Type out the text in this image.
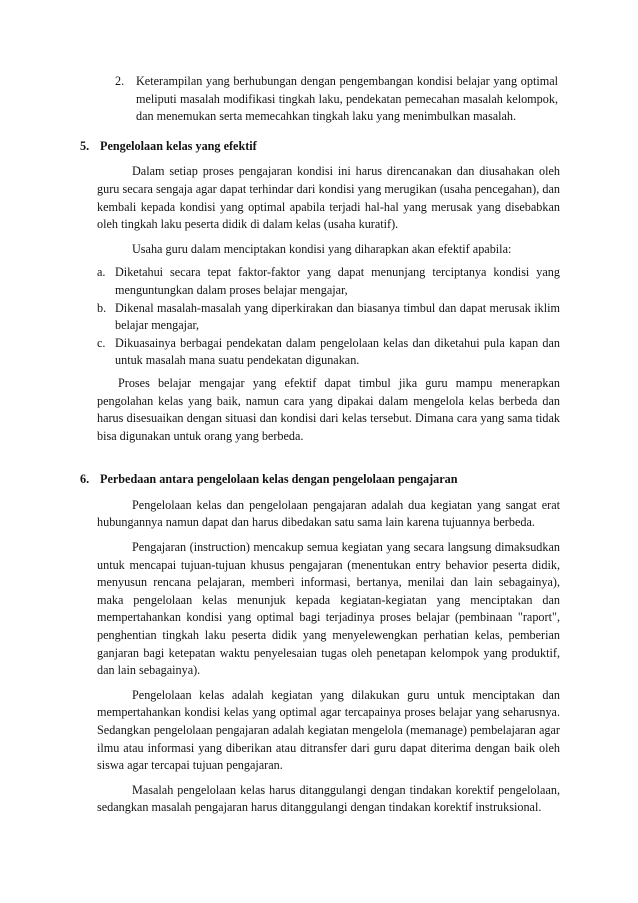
2. Keterampilan yang berhubungan dengan pengembangan kondisi belajar yang optimal meliputi masalah modifikasi tingkah laku, pendekatan pemecahan masalah kelompok, dan menemukan serta memecahkan tingkah laku yang menimbulkan masalah.
5. Pengelolaan kelas yang efektif
Dalam setiap proses pengajaran kondisi ini harus direncanakan dan diusahakan oleh guru secara sengaja agar dapat terhindar dari kondisi yang merugikan (usaha pencegahan), dan kembali kepada kondisi yang optimal apabila terjadi hal-hal yang merusak yang disebabkan oleh tingkah laku peserta didik di dalam kelas (usaha kuratif).
Usaha guru dalam menciptakan kondisi yang diharapkan akan efektif apabila:
a. Diketahui secara tepat faktor-faktor yang dapat menunjang terciptanya kondisi yang menguntungkan dalam proses belajar mengajar,
b. Dikenal masalah-masalah yang diperkirakan dan biasanya timbul dan dapat merusak iklim belajar mengajar,
c. Dikuasainya berbagai pendekatan dalam pengelolaan kelas dan diketahui pula kapan dan untuk masalah mana suatu pendekatan digunakan.
Proses belajar mengajar yang efektif dapat timbul jika guru mampu menerapkan pengolahan kelas yang baik, namun cara yang dipakai dalam mengelola kelas berbeda dan harus disesuaikan dengan situasi dan kondisi dari kelas tersebut. Dimana cara yang sama tidak bisa digunakan untuk orang yang berbeda.
6. Perbedaan antara pengelolaan kelas dengan pengelolaan pengajaran
Pengelolaan kelas dan pengelolaan pengajaran adalah dua kegiatan yang sangat erat hubungannya namun dapat dan harus dibedakan satu sama lain karena tujuannya berbeda.
Pengajaran (instruction) mencakup semua kegiatan yang secara langsung dimaksudkan untuk mencapai tujuan-tujuan khusus pengajaran (menentukan entry behavior peserta didik, menyusun rencana pelajaran, memberi informasi, bertanya, menilai dan lain sebagainya), maka pengelolaan kelas menunjuk kepada kegiatan-kegiatan yang menciptakan dan mempertahankan kondisi yang optimal bagi terjadinya proses belajar (pembinaan "raport", penghentian tingkah laku peserta didik yang menyelewengkan perhatian kelas, pemberian ganjaran bagi ketepatan waktu penyelesaian tugas oleh penetapan kelompok yang produktif, dan lain sebagainya).
Pengelolaan kelas adalah kegiatan yang dilakukan guru untuk menciptakan dan mempertahankan kondisi kelas yang optimal agar tercapainya proses belajar yang seharusnya. Sedangkan pengelolaan pengajaran adalah kegiatan mengelola (memanage) pembelajaran agar ilmu atau informasi yang diberikan atau ditransfer dari guru dapat diterima dengan baik oleh siswa agar tercapai tujuan pengajaran.
Masalah pengelolaan kelas harus ditanggulangi dengan tindakan korektif pengelolaan, sedangkan masalah pengajaran harus ditanggulangi dengan tindakan korektif instruksional.
